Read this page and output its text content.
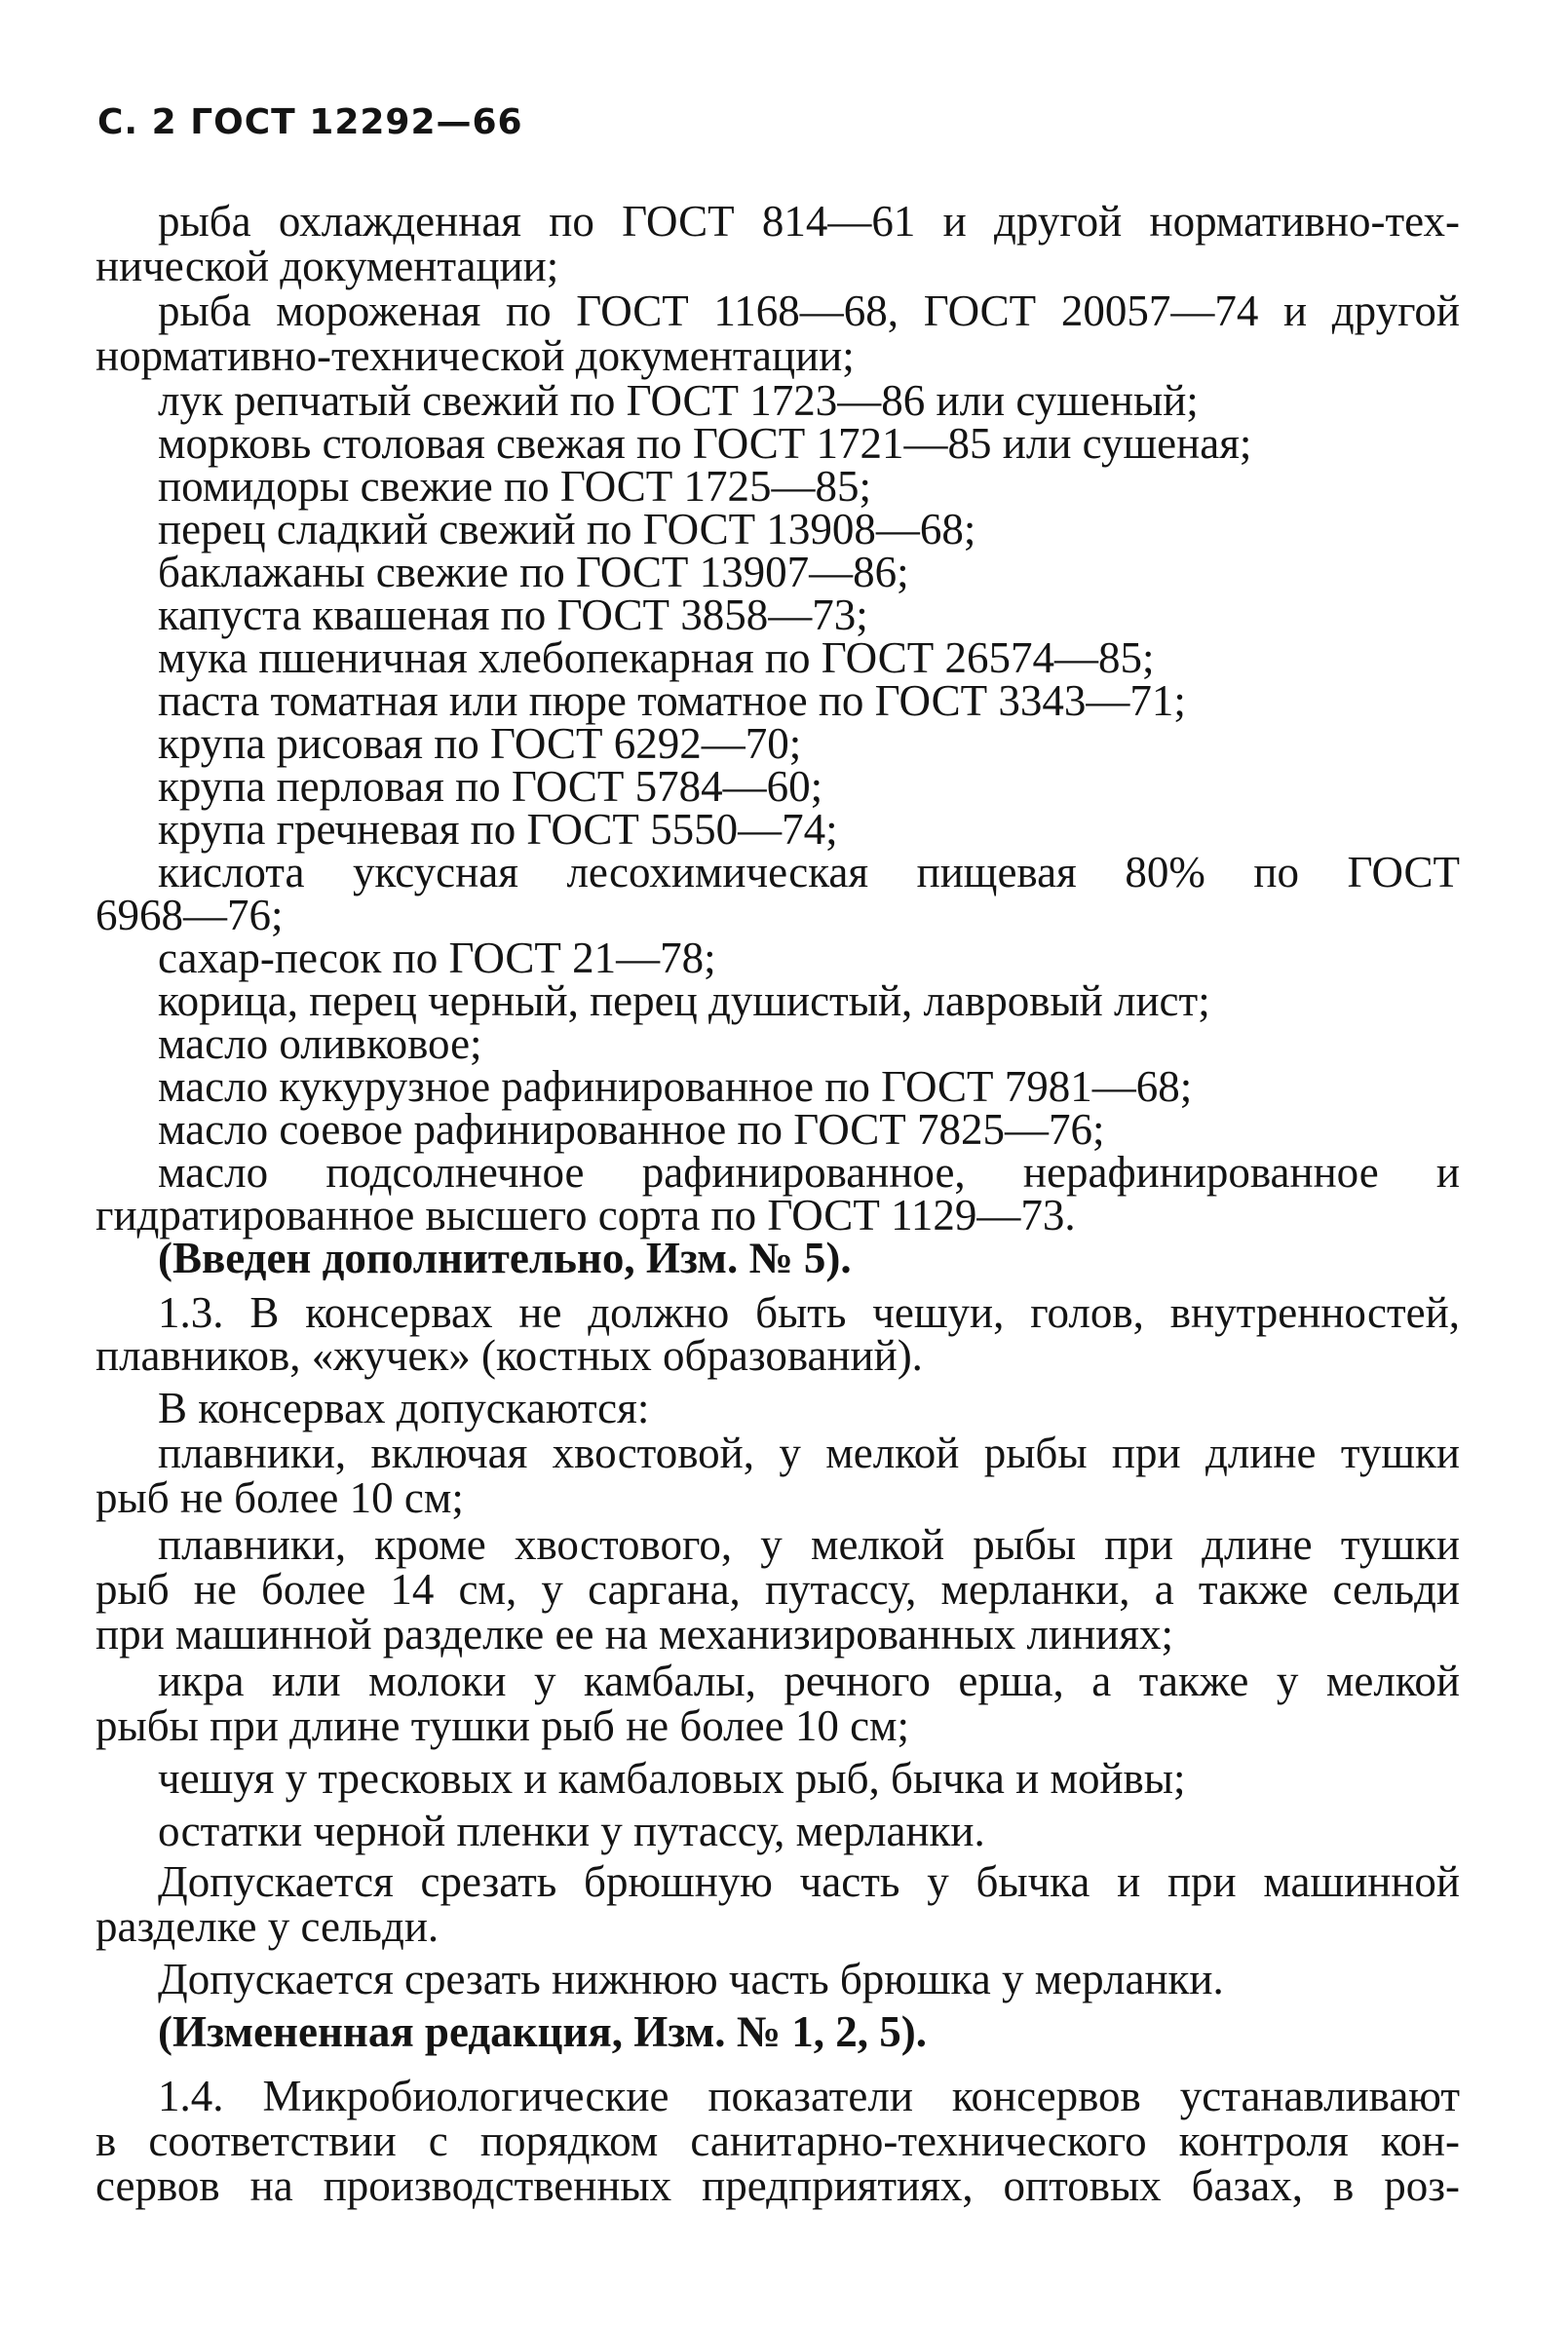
С. 2 ГОСТ 12292—66

рыба охлажденная по ГОСТ 814—61 и другой нормативно-тех-

нической документации;

рыба мороженая по ГОСТ 1168—68, ГОСТ 20057—74 и другой

нормативно-технической документации;

лук репчатый свежий по ГОСТ 1723—86 или сушеный;

морковь столовая свежая по ГОСТ 1721—85 или сушеная;

помидоры свежие по ГОСТ 1725—85;

перец сладкий свежий по ГОСТ 13908—68;

баклажаны свежие по ГОСТ 13907—86;

капуста квашеная по ГОСТ 3858—73;

мука пшеничная хлебопекарная по ГОСТ 26574—85;

паста томатная или пюре томатное по ГОСТ 3343—71;

крупа рисовая по ГОСТ 6292—70;

крупа перловая по ГОСТ 5784—60;

крупа гречневая по ГОСТ 5550—74;

кислота уксусная лесохимическая пищевая 80% по ГОСТ

6968—76;

сахар-песок по ГОСТ 21—78;

корица, перец черный, перец душистый, лавровый лист;

масло оливковое;

масло кукурузное рафинированное по ГОСТ 7981—68;

масло соевое рафинированное по ГОСТ 7825—76;

масло подсолнечное рафинированное, нерафинированное и

гидратированное высшего сорта по ГОСТ 1129—73.

(Введен дополнительно, Изм. № 5).

1.3. В консервах не должно быть чешуи, голов, внутренностей,

плавников, «жучек» (костных образований).

В консервах допускаются:

плавники, включая хвостовой, у мелкой рыбы при длине тушки

рыб не более 10 см;

плавники, кроме хвостового, у мелкой рыбы при длине тушки

рыб не более 14 см, у саргана, путассу, мерланки, а также сельди

при машинной разделке ее на механизированных линиях;

икра или молоки у камбалы, речного ерша, а также у мелкой

рыбы при длине тушки рыб не более 10 см;

чешуя у тресковых и камбаловых рыб, бычка и мойвы;

остатки черной пленки у путассу, мерланки.

Допускается срезать брюшную часть у бычка и при машинной

разделке у сельди.

Допускается срезать нижнюю часть брюшка у мерланки.

(Измененная редакция, Изм. № 1, 2, 5).

1.4. Микробиологические показатели консервов устанавливают

в соответствии с порядком санитарно-технического контроля кон-

сервов на производственных предприятиях, оптовых базах, в роз-
